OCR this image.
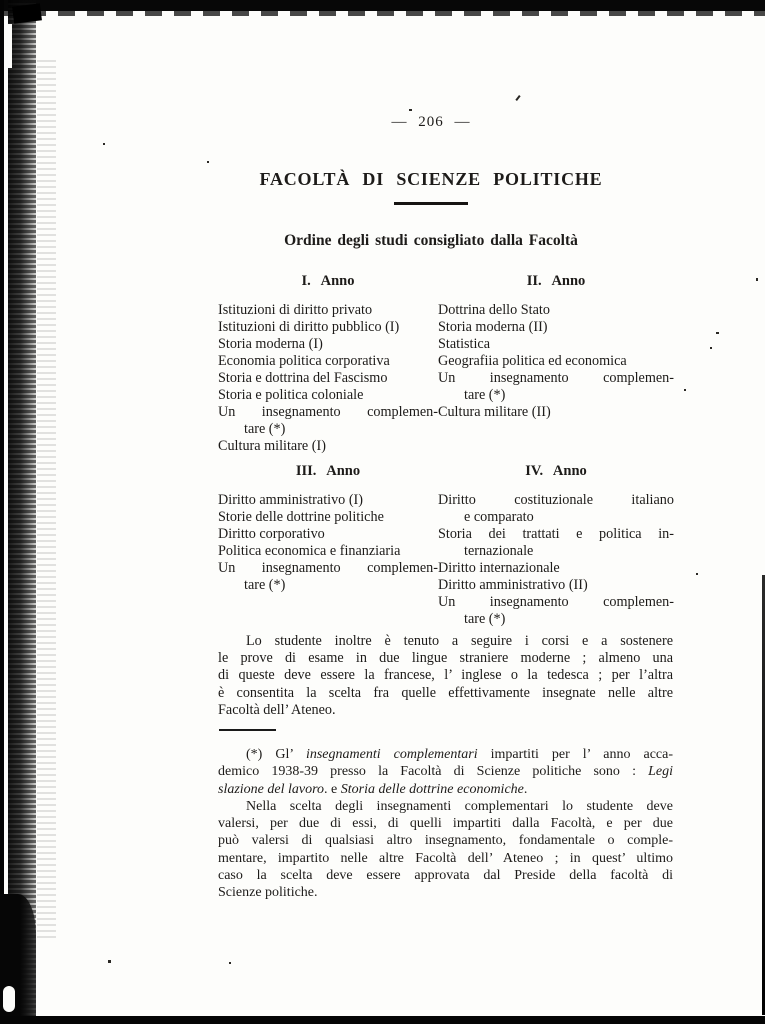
— 206 —
FACOLTÀ DI SCIENZE POLITICHE
Ordine degli studi consigliato dalla Facoltà
I. Anno
Istituzioni di diritto privato
Istituzioni di diritto pubblico (I)
Storia moderna (I)
Economia politica corporativa
Storia e dottrina del Fascismo
Storia e politica coloniale
Un insegnamento complemen-
tare (*)
Cultura militare (I)
II. Anno
Dottrina dello Stato
Storia moderna (II)
Statistica
Geografiia politica ed economica
Un insegnamento complemen-
tare (*)
Cultura militare (II)
III. Anno
Diritto amministrativo (I)
Storie delle dottrine politiche
Diritto corporativo
Politica economica e finanziaria
Un insegnamento complemen-
tare (*)
IV. Anno
Diritto costituzionale italiano
e comparato
Storia dei trattati e politica in-
ternazionale
Diritto internazionale
Diritto amministrativo (II)
Un insegnamento complemen-
tare (*)
Lo studente inoltre è tenuto a seguire i corsi e a sostenere
le prove di esame in due lingue straniere moderne ; almeno una
di queste deve essere la francese, l’ inglese o la tedesca ; per l’altra
è consentita la scelta fra quelle effettivamente insegnate nelle altre
Facoltà dell’ Ateneo.
(*) Gl’ insegnamenti complementari impartiti per l’ anno acca-
demico 1938-39 presso la Facoltà di Scienze politiche sono : Legi
slazione del lavoro. e Storia delle dottrine economiche.
Nella scelta degli insegnamenti complementari lo studente deve
valersi, per due di essi, di quelli impartiti dalla Facoltà, e per due
può valersi di qualsiasi altro insegnamento, fondamentale o comple-
mentare, impartito nelle altre Facoltà dell’ Ateneo ; in quest’ ultimo
caso la scelta deve essere approvata dal Preside della facoltà di
Scienze politiche.
